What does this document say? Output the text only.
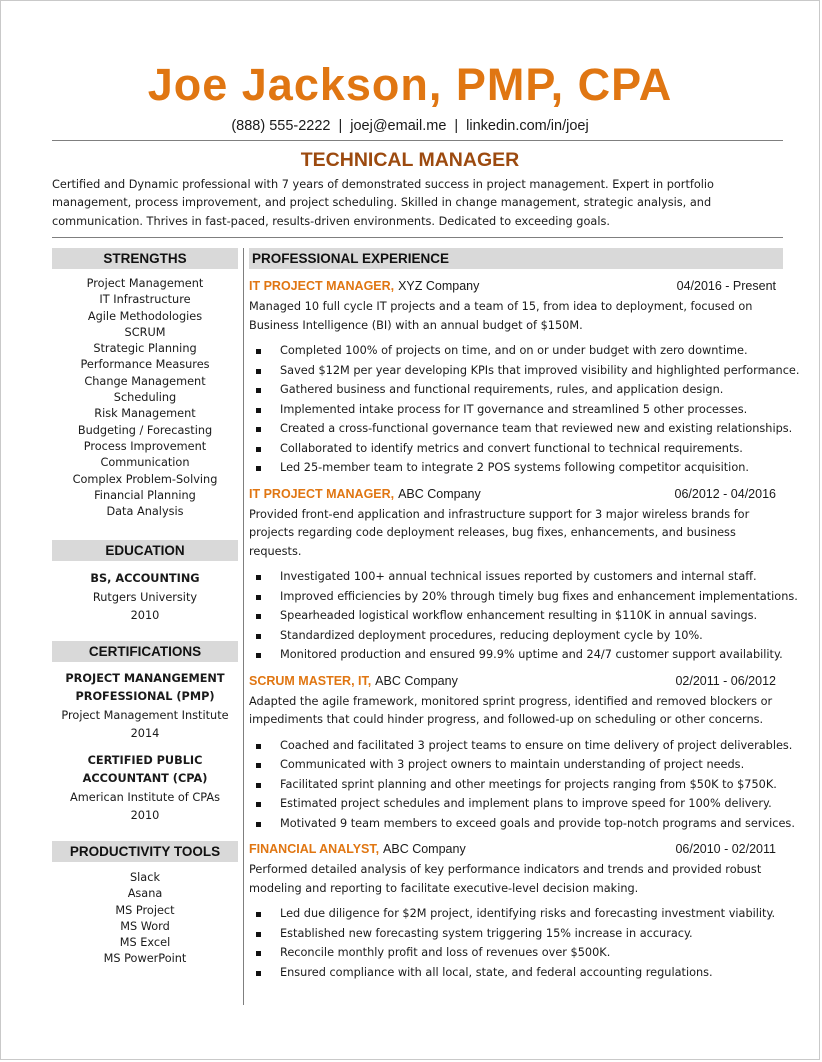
Joe Jackson, PMP, CPA
(888) 555-2222 | joej@email.me | linkedin.com/in/joej
TECHNICAL MANAGER
Certified and Dynamic professional with 7 years of demonstrated success in project management. Expert in portfolio management, process improvement, and project scheduling. Skilled in change management, strategic analysis, and communication. Thrives in fast-paced, results-driven environments. Dedicated to exceeding goals.
STRENGTHS
Project Management
IT Infrastructure
Agile Methodologies
SCRUM
Strategic Planning
Performance Measures
Change Management
Scheduling
Risk Management
Budgeting / Forecasting
Process Improvement
Communication
Complex Problem-Solving
Financial Planning
Data Analysis
EDUCATION
BS, ACCOUNTING
Rutgers University
2010
CERTIFICATIONS
PROJECT MANANGEMENT
PROFESSIONAL (PMP)
Project Management Institute
2014
CERTIFIED PUBLIC
ACCOUNTANT (CPA)
American Institute of CPAs
2010
PRODUCTIVITY TOOLS
Slack
Asana
MS Project
MS Word
MS Excel
MS PowerPoint
PROFESSIONAL EXPERIENCE
IT PROJECT MANAGER, XYZ Company	04/2016 - Present
Managed 10 full cycle IT projects and a team of 15, from idea to deployment, focused on Business Intelligence (BI) with an annual budget of $150M.
Completed 100% of projects on time, and on or under budget with zero downtime.
Saved $12M per year developing KPIs that improved visibility and highlighted performance.
Gathered business and functional requirements, rules, and application design.
Implemented intake process for IT governance and streamlined 5 other processes.
Created a cross-functional governance team that reviewed new and existing relationships.
Collaborated to identify metrics and convert functional to technical requirements.
Led 25-member team to integrate 2 POS systems following competitor acquisition.
IT PROJECT MANAGER, ABC Company	06/2012 - 04/2016
Provided front-end application and infrastructure support for 3 major wireless brands for projects regarding code deployment releases, bug fixes, enhancements, and business requests.
Investigated 100+ annual technical issues reported by customers and internal staff.
Improved efficiencies by 20% through timely bug fixes and enhancement implementations.
Spearheaded logistical workflow enhancement resulting in $110K in annual savings.
Standardized deployment procedures, reducing deployment cycle by 10%.
Monitored production and ensured 99.9% uptime and 24/7 customer support availability.
SCRUM MASTER, IT, ABC Company	02/2011 - 06/2012
Adapted the agile framework, monitored sprint progress, identified and removed blockers or impediments that could hinder progress, and followed-up on scheduling or other concerns.
Coached and facilitated 3 project teams to ensure on time delivery of project deliverables.
Communicated with 3 project owners to maintain understanding of project needs.
Facilitated sprint planning and other meetings for projects ranging from $50K to $750K.
Estimated project schedules and implement plans to improve speed for 100% delivery.
Motivated 9 team members to exceed goals and provide top-notch programs and services.
FINANCIAL ANALYST, ABC Company	06/2010 - 02/2011
Performed detailed analysis of key performance indicators and trends and provided robust modeling and reporting to facilitate executive-level decision making.
Led due diligence for $2M project, identifying risks and forecasting investment viability.
Established new forecasting system triggering 15% increase in accuracy.
Reconcile monthly profit and loss of revenues over $500K.
Ensured compliance with all local, state, and federal accounting regulations.
